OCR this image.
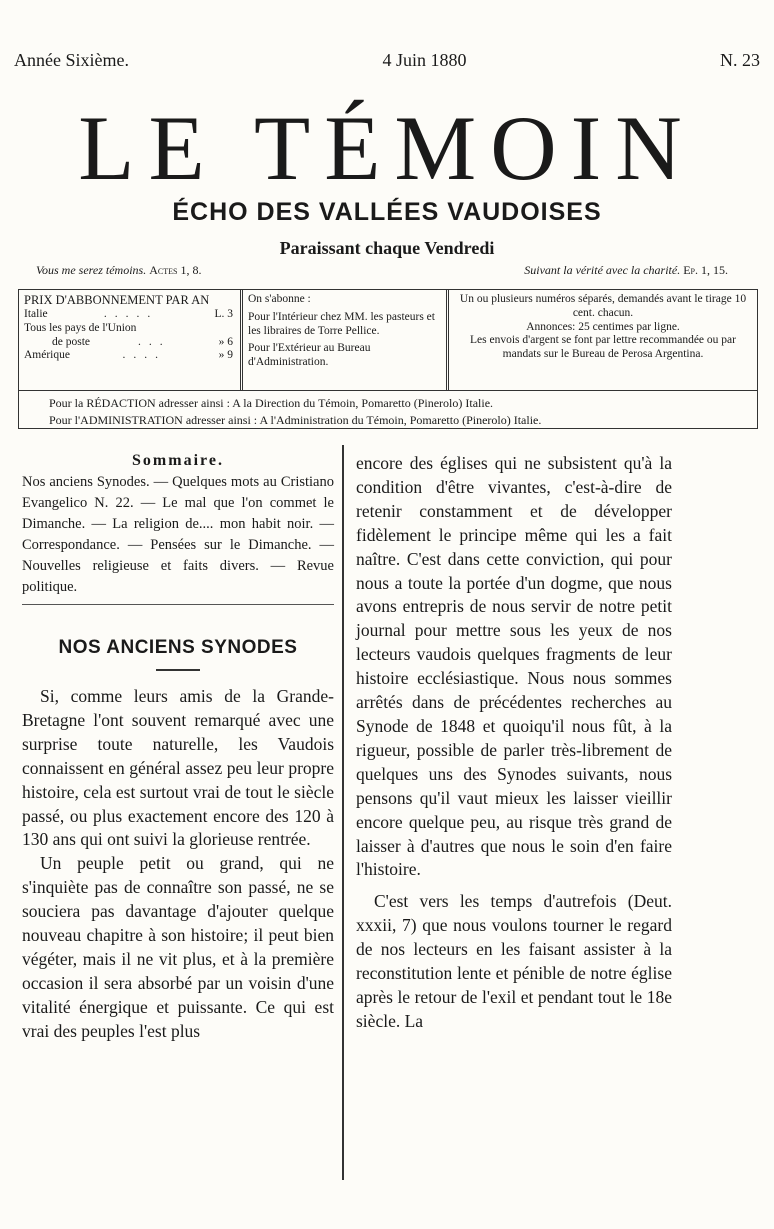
Année Sixième.	4 Juin 1880	N. 23
LE TÉMOIN
ÉCHO DES VALLÉES VAUDOISES
Paraissant chaque Vendredi
Vous me serez témoins. Actes 1, 8.	Suivant la vérité avec la charité. Ep. 1, 15.
PRIX D'ABBONNEMENT PAR AN
Italie	.....	L. 3
Tous les pays de l'Union
de poste	...	» 6
Amérique	....	» 9
On s'abonne :
Pour l'Intérieur chez MM. les pasteurs et les libraires de Torre Pellice.
Pour l'Extérieur au Bureau d'Administration.
Un ou plusieurs numéros séparés, demandés avant le tirage 10 cent. chacun.
Annonces: 25 centimes par ligne.
Les envois d'argent se font par lettre recommandée ou par mandats sur le Bureau de Perosa Argentina.
Pour la RÉDACTION adresser ainsi : A la Direction du Témoin, Pomaretto (Pinerolo) Italie.
Pour l'ADMINISTRATION adresser ainsi : A l'Administration du Témoin, Pomaretto (Pinerolo) Italie.
Sommaire.
Nos anciens Synodes. — Quelques mots au Cristiano Evangelico N. 22. — Le mal que l'on commet le Dimanche. — La religion de.... mon habit noir. — Correspondance. — Pensées sur le Dimanche. — Nouvelles religieuse et faits divers. — Revue politique.
NOS ANCIENS SYNODES

Si, comme leurs amis de la Grande-Bretagne l'ont souvent remarqué avec une surprise toute naturelle, les Vaudois connaissent en général assez peu leur propre histoire, cela est surtout vrai de tout le siècle passé, ou plus exactement encore des 120 à 130 ans qui ont suivi la glorieuse rentrée.

Un peuple petit ou grand, qui ne s'inquiète pas de connaître son passé, ne se souciera pas davantage d'ajouter quelque nouveau chapitre à son histoire; il peut bien végéter, mais il ne vit plus, et à la première occasion il sera absorbé par un voisin d'une vitalité énergique et puissante. Ce qui est vrai des peuples l'est plus

encore des églises qui ne subsistent qu'à la condition d'être vivantes, c'est-à-dire de retenir constamment et de développer fidèlement le principe même qui les a fait naître. C'est dans cette conviction, qui pour nous a toute la portée d'un dogme, que nous avons entrepris de nous servir de notre petit journal pour mettre sous les yeux de nos lecteurs vaudois quelques fragments de leur histoire ecclésiastique. Nous nous sommes arrêtés dans de précédentes recherches au Synode de 1848 et quoiqu'il nous fût, à la rigueur, possible de parler très-librement de quelques uns des Synodes suivants, nous pensons qu'il vaut mieux les laisser vieillir encore quelque peu, au risque très grand de laisser à d'autres que nous le soin d'en faire l'histoire.

C'est vers les temps d'autrefois (Deut. xxxii, 7) que nous voulons tourner le regard de nos lecteurs en les faisant assister à la reconstitution lente et pénible de notre église après le retour de l'exil et pendant tout le 18e siècle. La
